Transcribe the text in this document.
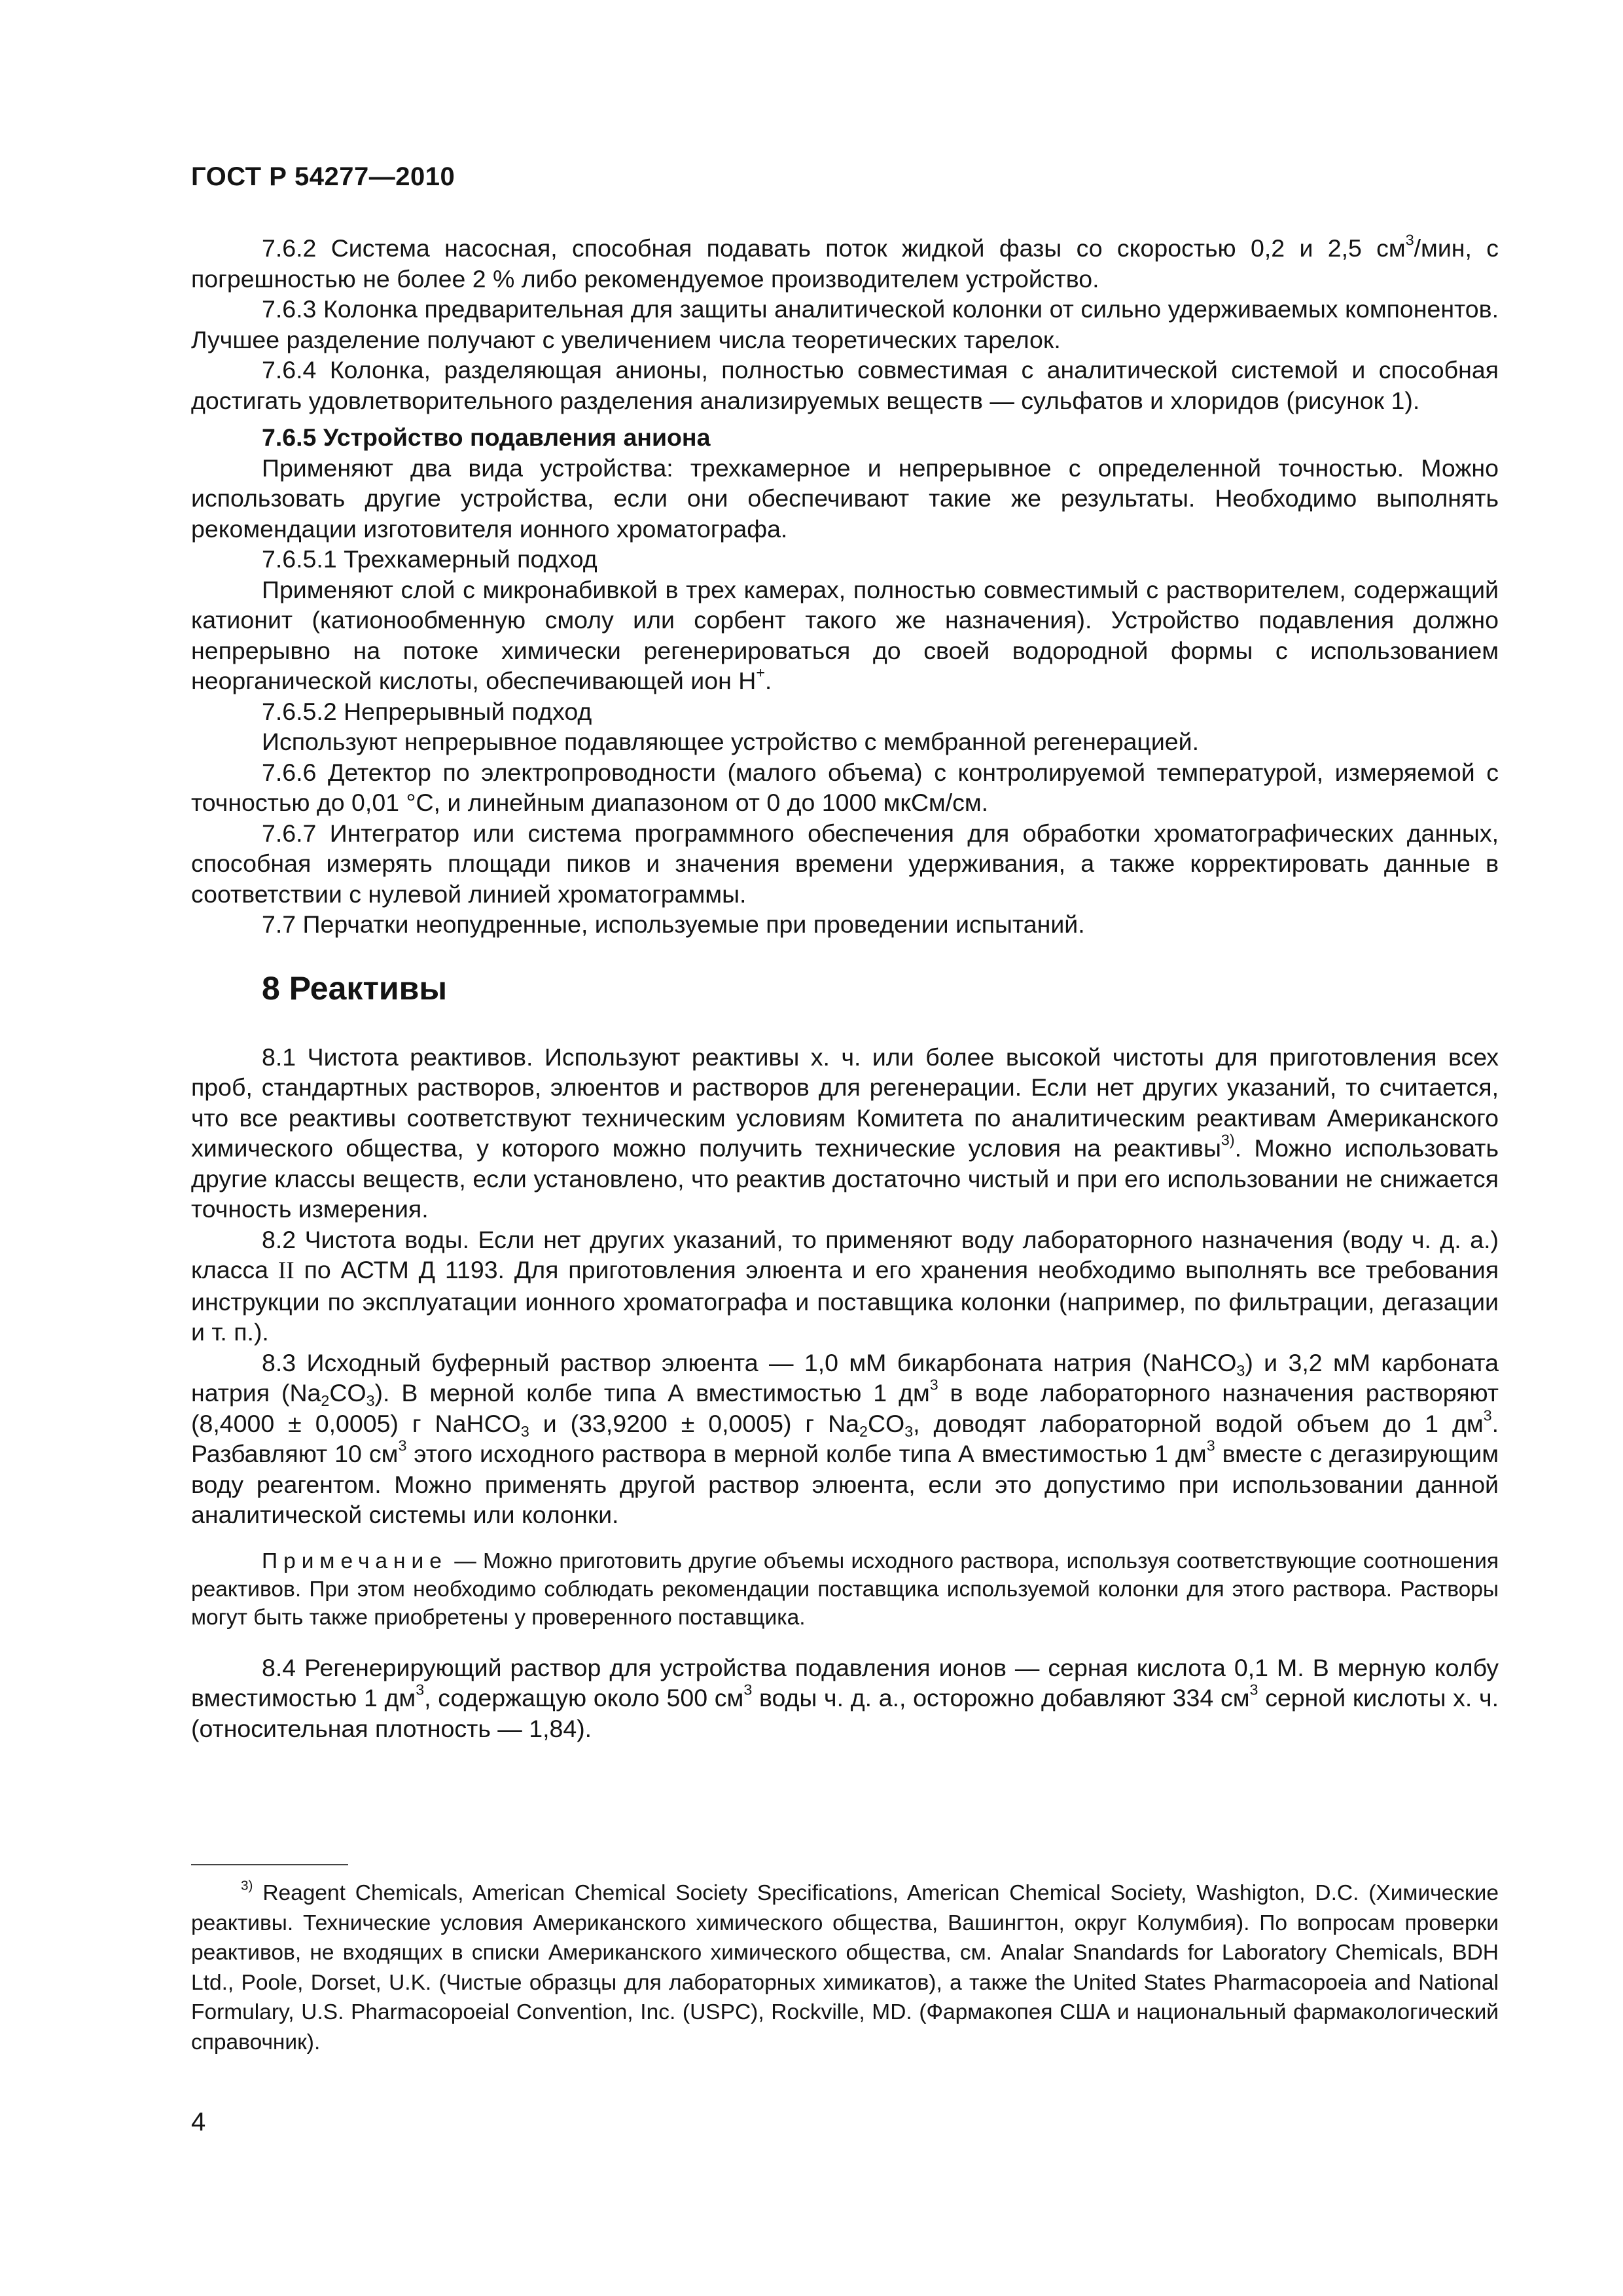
ГОСТ Р 54277—2010

7.6.2 Система насосная, способная подавать поток жидкой фазы со скоростью 0,2 и 2,5 $см^3$/мин, с погрешностью не более 2 % либо рекомендуемое производителем устройство.

7.6.3 Колонка предварительная для защиты аналитической колонки от сильно удерживаемых компонентов. Лучшее разделение получают с увеличением числа теоретических тарелок.

7.6.4 Колонка, разделяющая анионы, полностью совместимая с аналитической системой и способная достигать удовлетворительного разделения анализируемых веществ — сульфатов и хлоридов (рисунок 1).

7.6.5 Устройство подавления аниона

Применяют два вида устройства: трехкамерное и непрерывное с определенной точностью. Можно использовать другие устройства, если они обеспечивают такие же результаты. Необходимо выполнять рекомендации изготовителя ионного хроматографа.

7.6.5.1 Трехкамерный подход

Применяют слой с микронабивкой в трех камерах, полностью совместимый с растворителем, содержащий катионит (катионообменную смолу или сорбент такого же назначения). Устройство подавления должно непрерывно на потоке химически регенерироваться до своей водородной формы с использованием неорганической кислоты, обеспечивающей ион Н+.

7.6.5.2 Непрерывный подход

Используют непрерывное подавляющее устройство с мембранной регенерацией.

7.6.6 Детектор по электропроводности (малого объема) с контролируемой температурой, измеряемой с точностью до 0,01 °С, и линейным диапазоном от 0 до 1000 мкСм/см.

7.6.7 Интегратор или система программного обеспечения для обработки хроматографических данных, способная измерять площади пиков и значения времени удерживания, а также корректировать данные в соответствии с нулевой линией хроматограммы.

7.7 Перчатки неопудренные, используемые при проведении испытаний.

8 Реактивы

8.1 Чистота реактивов. Используют реактивы х. ч. или более высокой чистоты для приготовления всех проб, стандартных растворов, элюентов и растворов для регенерации. Если нет других указаний, то считается, что все реактивы соответствуют техническим условиям Комитета по аналитическим реактивам Американского химического общества, у которого можно получить технические условия на реактивы$^{3)}$. Можно использовать другие классы веществ, если установлено, что реактив достаточно чистый и при его использовании не снижается точность измерения.

8.2 Чистота воды. Если нет других указаний, то применяют воду лабораторного назначения (воду ч. д. а.) класса II по АСТМ Д 1193. Для приготовления элюента и его хранения необходимо выполнять все требования инструкции по эксплуатации ионного хроматографа и поставщика колонки (например, по фильтрации, дегазации и т. п.).

8.3 Исходный буферный раствор элюента — 1,0 мМ бикарбоната натрия (NaHCO$_3$) и 3,2 мМ карбоната натрия $(Na_2CO_3)$. В мерной колбе типа А вместимостью 1 $дм^3$ в воде лабораторного назначения растворяют (8,4000 ± 0,0005) г NaHCO$_3$ и (33,9200 ± 0,0005) г $Na_2CO_3$, доводят лабораторной водой объем до 1 $дм^3$. Разбавляют 10 $см^3$ этого исходного раствора в мерной колбе типа А вместимостью 1 $дм^3$ вместе с дегазирующим воду реагентом. Можно применять другой раствор элюента, если это допустимо при использовании данной аналитической системы или колонки.

Примечание — Можно приготовить другие объемы исходного раствора, используя соответствующие соотношения реактивов. При этом необходимо соблюдать рекомендации поставщика используемой колонки для этого раствора. Растворы могут быть также приобретены у проверенного поставщика.

8.4 Регенерирующий раствор для устройства подавления ионов — серная кислота 0,1 М. В мерную колбу вместимостью 1 $дм^3$, содержащую около 500 $см^3$ воды ч. д. а., осторожно добавляют 334 $см^3$ серной кислоты х. ч. (относительная плотность — 1,84).

$^{3)}$ Reagent Chemicals, American Chemical Society Specifications, American Chemical Society, Washigton, D.C. (Химические реактивы. Технические условия Американского химического общества, Вашингтон, округ Колумбия). По вопросам проверки реактивов, не входящих в списки Американского химического общества, см. Analar Snandards for Laboratory Chemicals, BDH Ltd., Poole, Dorset, U.K. (Чистые образцы для лабораторных химикатов), а также the United States Pharmacopoeia and National Formulary, U.S. Pharmacopoeial Convention, Inc. (USPC), Rockville, MD. (Фармакопея США и национальный фармакологический справочник).

4
